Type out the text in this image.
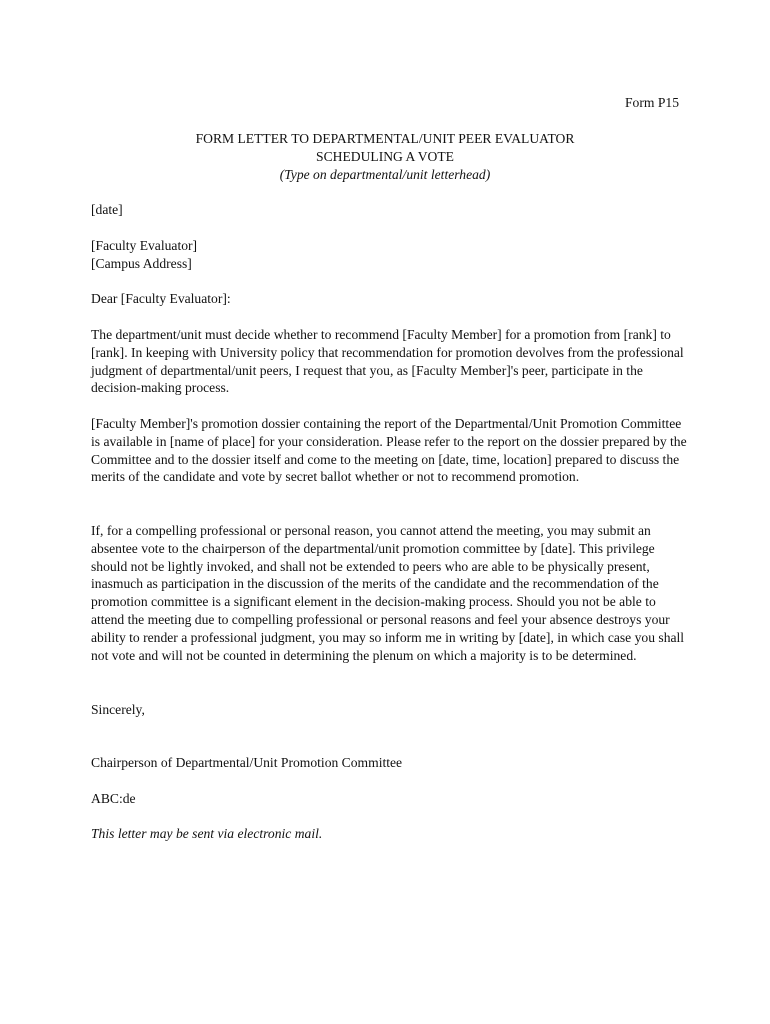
Form P15
FORM LETTER TO DEPARTMENTAL/UNIT PEER EVALUATOR
SCHEDULING A VOTE
(Type on departmental/unit letterhead)

[date]

[Faculty Evaluator]

[Campus Address]

Dear [Faculty Evaluator]:

The department/unit must decide whether to recommend [Faculty Member] for a promotion from [rank] to [rank]. In keeping with University policy that recommendation for promotion devolves from the professional judgment of departmental/unit peers, I request that you, as [Faculty Member]'s peer, participate in the decision-making process.

[Faculty Member]'s promotion dossier containing the report of the Departmental/Unit Promotion Committee is available in [name of place] for your consideration. Please refer to the report on the dossier prepared by the Committee and to the dossier itself and come to the meeting on [date, time, location] prepared to discuss the merits of the candidate and vote by secret ballot whether or not to recommend promotion.

If, for a compelling professional or personal reason, you cannot attend the meeting, you may submit an absentee vote to the chairperson of the departmental/unit promotion committee by [date]. This privilege should not be lightly invoked, and shall not be extended to peers who are able to be physically present, inasmuch as participation in the discussion of the merits of the candidate and the recommendation of the promotion committee is a significant element in the decision-making process. Should you not be able to attend the meeting due to compelling professional or personal reasons and feel your absence destroys your ability to render a professional judgment, you may so inform me in writing by [date], in which case you shall not vote and will not be counted in determining the plenum on which a majority is to be determined.

Sincerely,

Chairperson of Departmental/Unit Promotion Committee

ABC:de

This letter may be sent via electronic mail.
